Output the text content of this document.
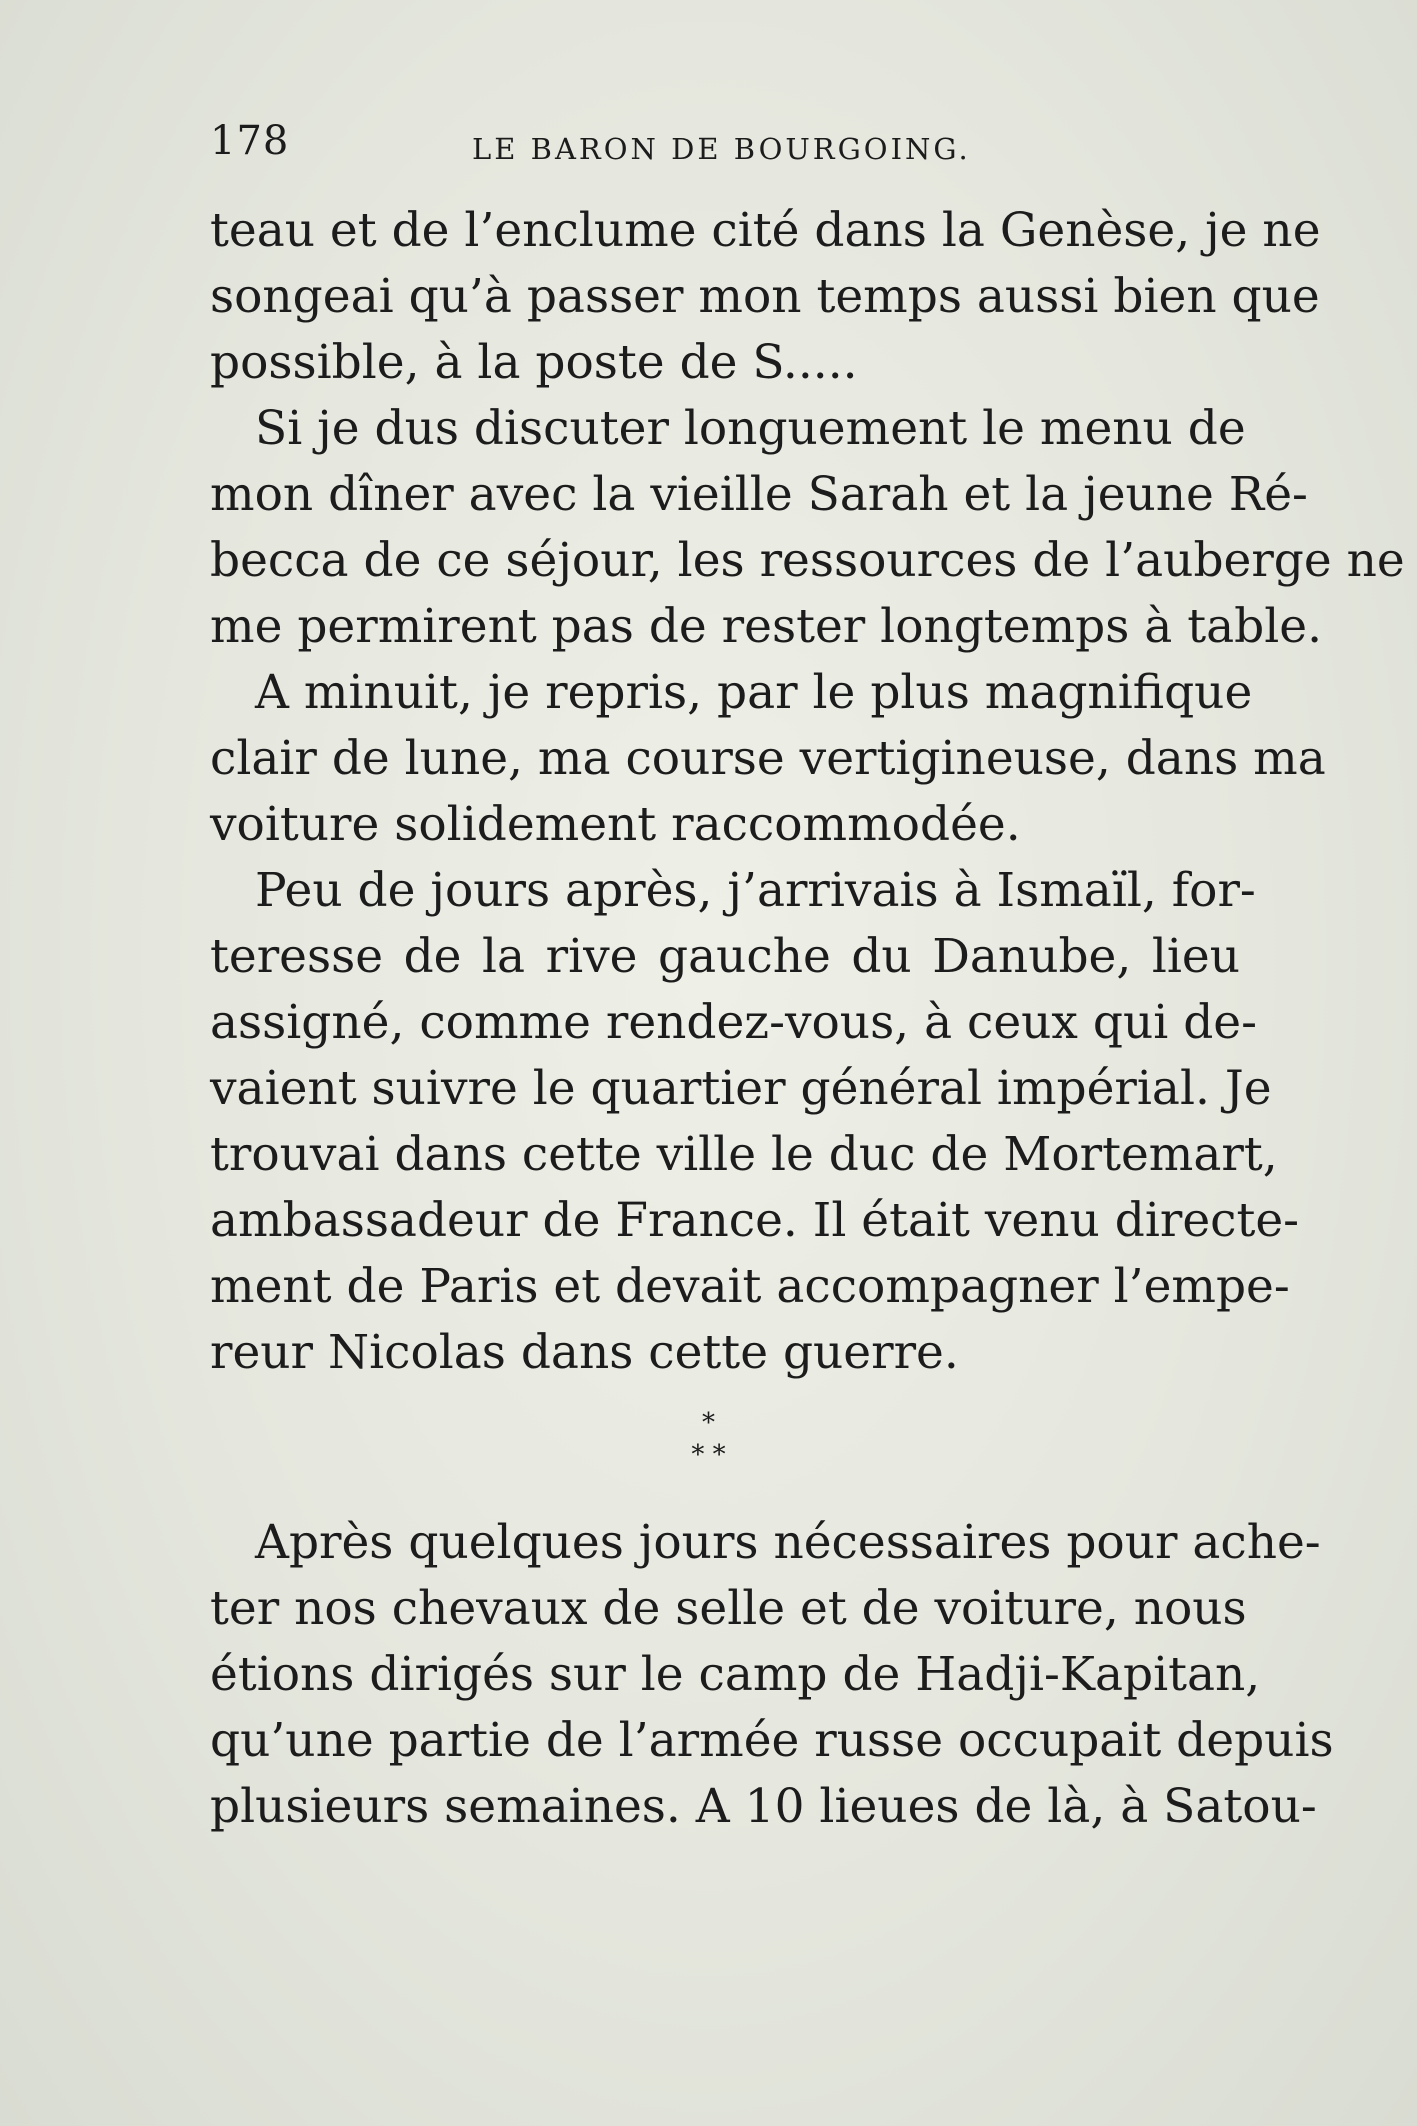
178	LE BARON DE BOURGOING.
teau et de l’enclume cité dans la Genèse, je ne
songeai qu’à passer mon temps aussi bien que
possible, à la poste de S.....
Si je dus discuter longuement le menu de
mon dîner avec la vieille Sarah et la jeune Ré-
becca de ce séjour, les ressources de l’auberge ne
me permirent pas de rester longtemps à table.
A minuit, je repris, par le plus magnifique
clair de lune, ma course vertigineuse, dans ma
voiture solidement raccommodée.
Peu de jours après, j’arrivais à Ismaïl, for-
teresse de la rive gauche du Danube, lieu
assigné, comme rendez-vous, à ceux qui de-
vaient suivre le quartier général impérial. Je
trouvai dans cette ville le duc de Mortemart,
ambassadeur de France. Il était venu directe-
ment de Paris et devait accompagner l’empe-
reur Nicolas dans cette guerre.
*
* *
Après quelques jours nécessaires pour ache-
ter nos chevaux de selle et de voiture, nous
étions dirigés sur le camp de Hadji-Kapitan,
qu’une partie de l’armée russe occupait depuis
plusieurs semaines. A 10 lieues de là, à Satou-
